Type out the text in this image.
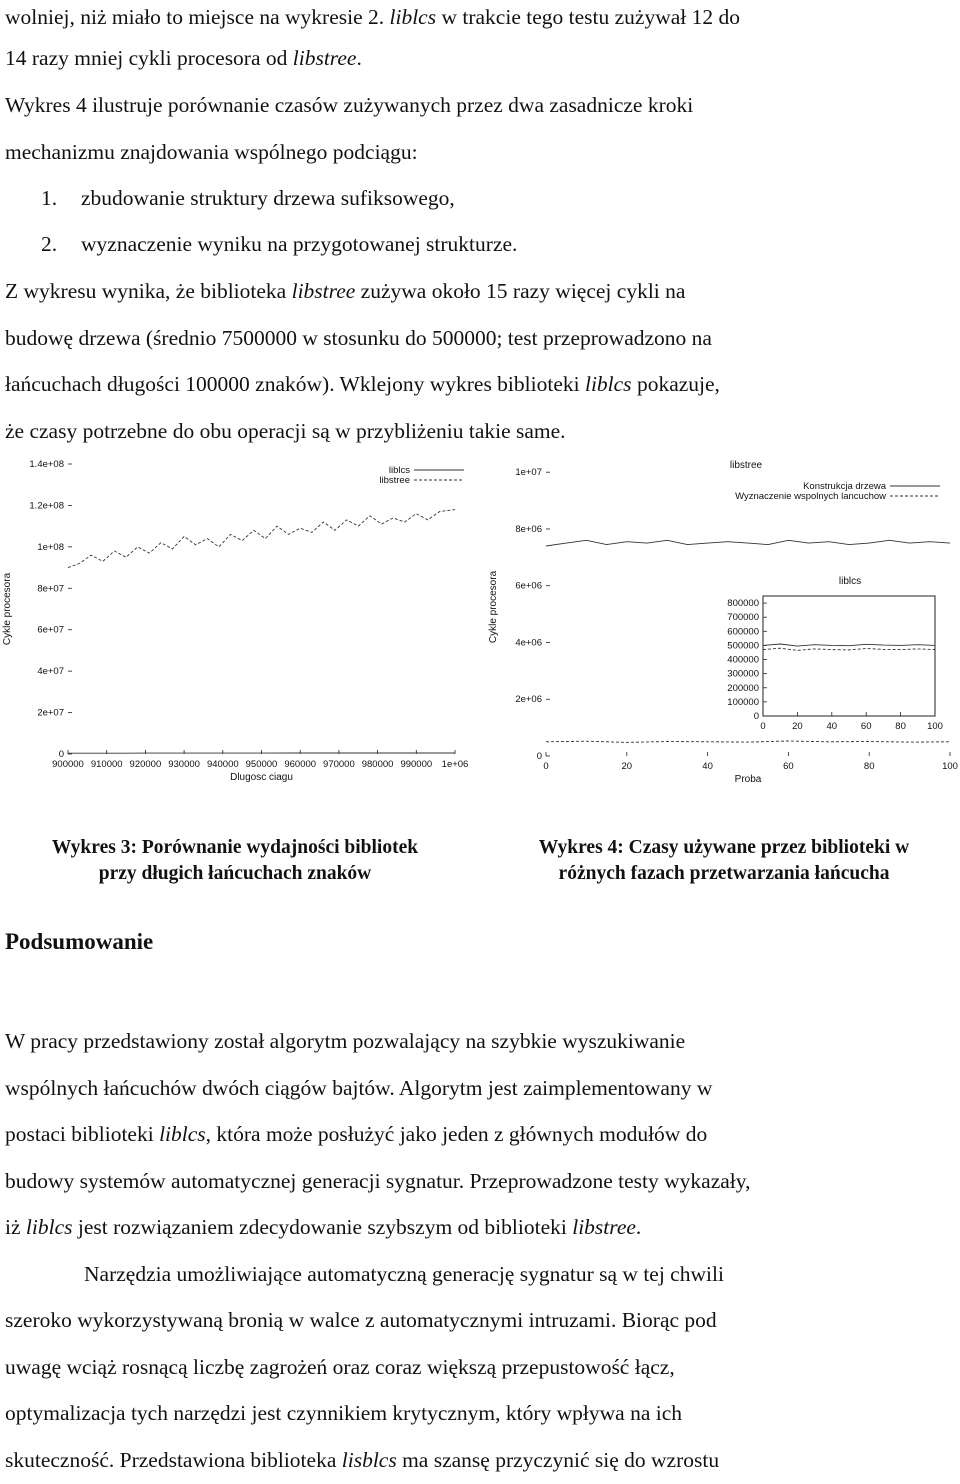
wolniej, niż miało to miejsce na wykresie 2. liblcs w trakcie tego testu zużywał 12 do
14 razy mniej cykli procesora od libstree.
Wykres 4 ilustruje porównanie czasów zużywanych przez dwa zasadnicze kroki
mechanizmu znajdowania wspólnego podciągu:
1. zbudowanie struktury drzewa sufiksowego,
2. wyznaczenie wyniku na przygotowanej strukturze.
Z wykresu wynika, że biblioteka libstree zużywa około 15 razy więcej cykli na
budowę drzewa (średnio 7500000 w stosunku do 500000; test przeprowadzono na
łańcuchach długości 100000 znaków). Wklejony wykres biblioteki liblcs pokazuje,
że czasy potrzebne do obu operacji są w przybliżeniu takie same.
900000 910000 920000 930000 940000 950000 960000 970000 980000 990000 1e+06
0
2e+07
4e+07
6e+07
8e+07
1e+08
1.2e+08
1.4e+08
Dlugosc ciagu
Cykle procesora
liblcs
libstree
0	20	40	60	80	100
0
2e+06
4e+06
6e+06
8e+06
1e+07
Proba
Cykle procesora
libstree
Konstrukcja drzewa
Wyznaczenie wspolnych lancuchow
0	20	40	60	80 100
0
100000
200000
300000
400000
500000
600000
700000
800000
liblcs
Wykres 3: Porównanie wydajności bibliotek
przy długich łańcuchach znaków
Wykres 4: Czasy używane przez biblioteki w
różnych fazach przetwarzania łańcucha
Podsumowanie
W pracy przedstawiony został algorytm pozwalający na szybkie wyszukiwanie
wspólnych łańcuchów dwóch ciągów bajtów. Algorytm jest zaimplementowany w
postaci biblioteki liblcs, która może posłużyć jako jeden z głównych modułów do
budowy systemów automatycznej generacji sygnatur. Przeprowadzone testy wykazały,
iż liblcs jest rozwiązaniem zdecydowanie szybszym od biblioteki libstree.
Narzędzia umożliwiające automatyczną generację sygnatur są w tej chwili
szeroko wykorzystywaną bronią w walce z automatycznymi intruzami. Biorąc pod
uwagę wciąż rosnącą liczbę zagrożeń oraz coraz większą przepustowość łącz,
optymalizacja tych narzędzi jest czynnikiem krytycznym, który wpływa na ich
skuteczność. Przedstawiona biblioteka lisblcs ma szansę przyczynić się do wzrostu
